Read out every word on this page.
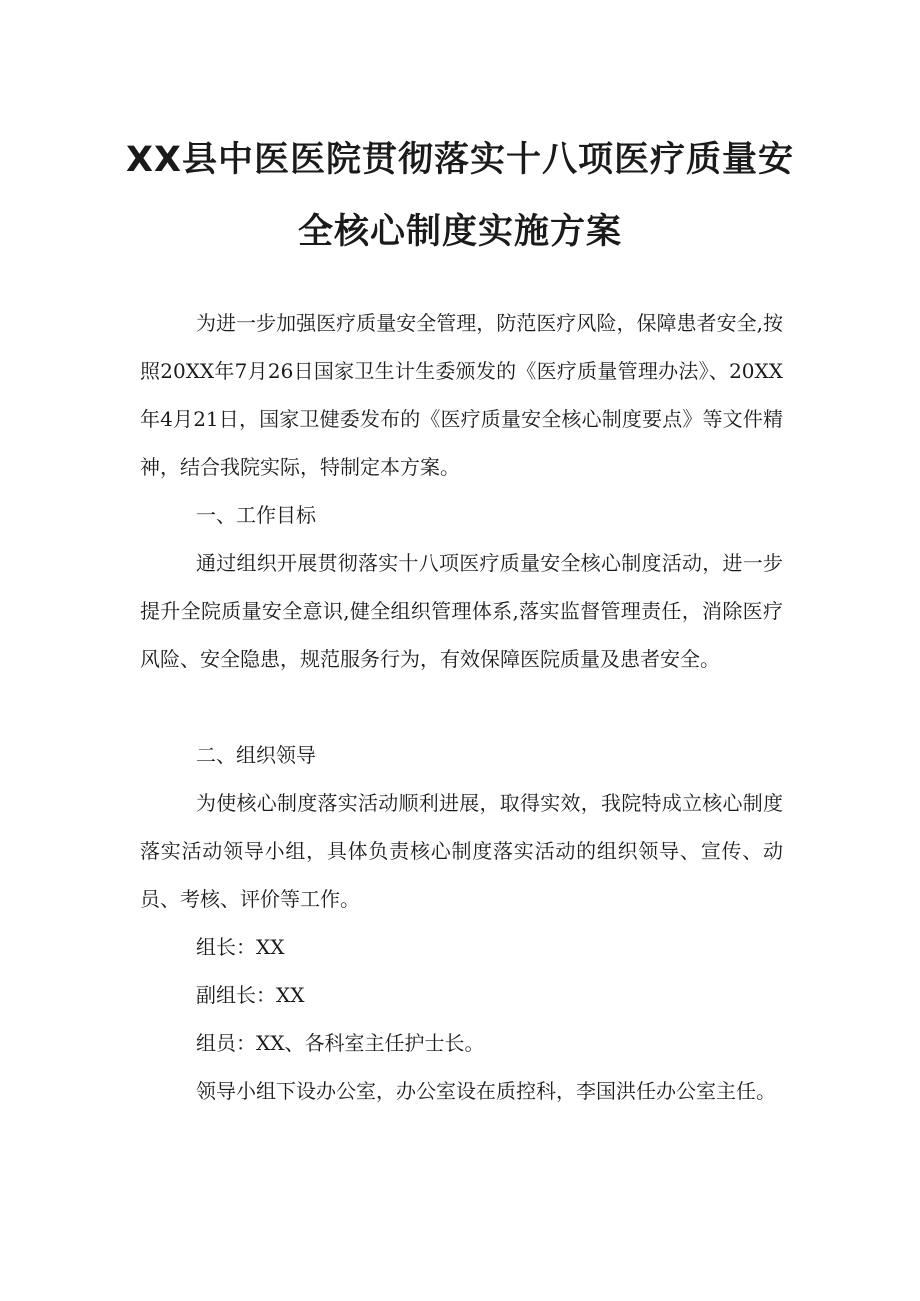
XX县中医医院贯彻落实十八项医疗质量安
全核心制度实施方案

为进一步加强医疗质量安全管理，防范医疗风险，保障患者安全,按照20XX年7月26日国家卫生计生委颁发的《医疗质量管理办法》、20XX年4月21日，国家卫健委发布的《医疗质量安全核心制度要点》等文件精神，结合我院实际，特制定本方案。

一、工作目标

通过组织开展贯彻落实十八项医疗质量安全核心制度活动，进一步提升全院质量安全意识,健全组织管理体系,落实监督管理责任，消除医疗风险、安全隐患，规范服务行为，有效保障医院质量及患者安全。

二、组织领导

为使核心制度落实活动顺利进展，取得实效，我院特成立核心制度落实活动领导小组，具体负责核心制度落实活动的组织领导、宣传、动员、考核、评价等工作。

组长：XX

副组长：XX

组员：XX、各科室主任护士长。

领导小组下设办公室，办公室设在质控科，李国洪任办公室主任。
